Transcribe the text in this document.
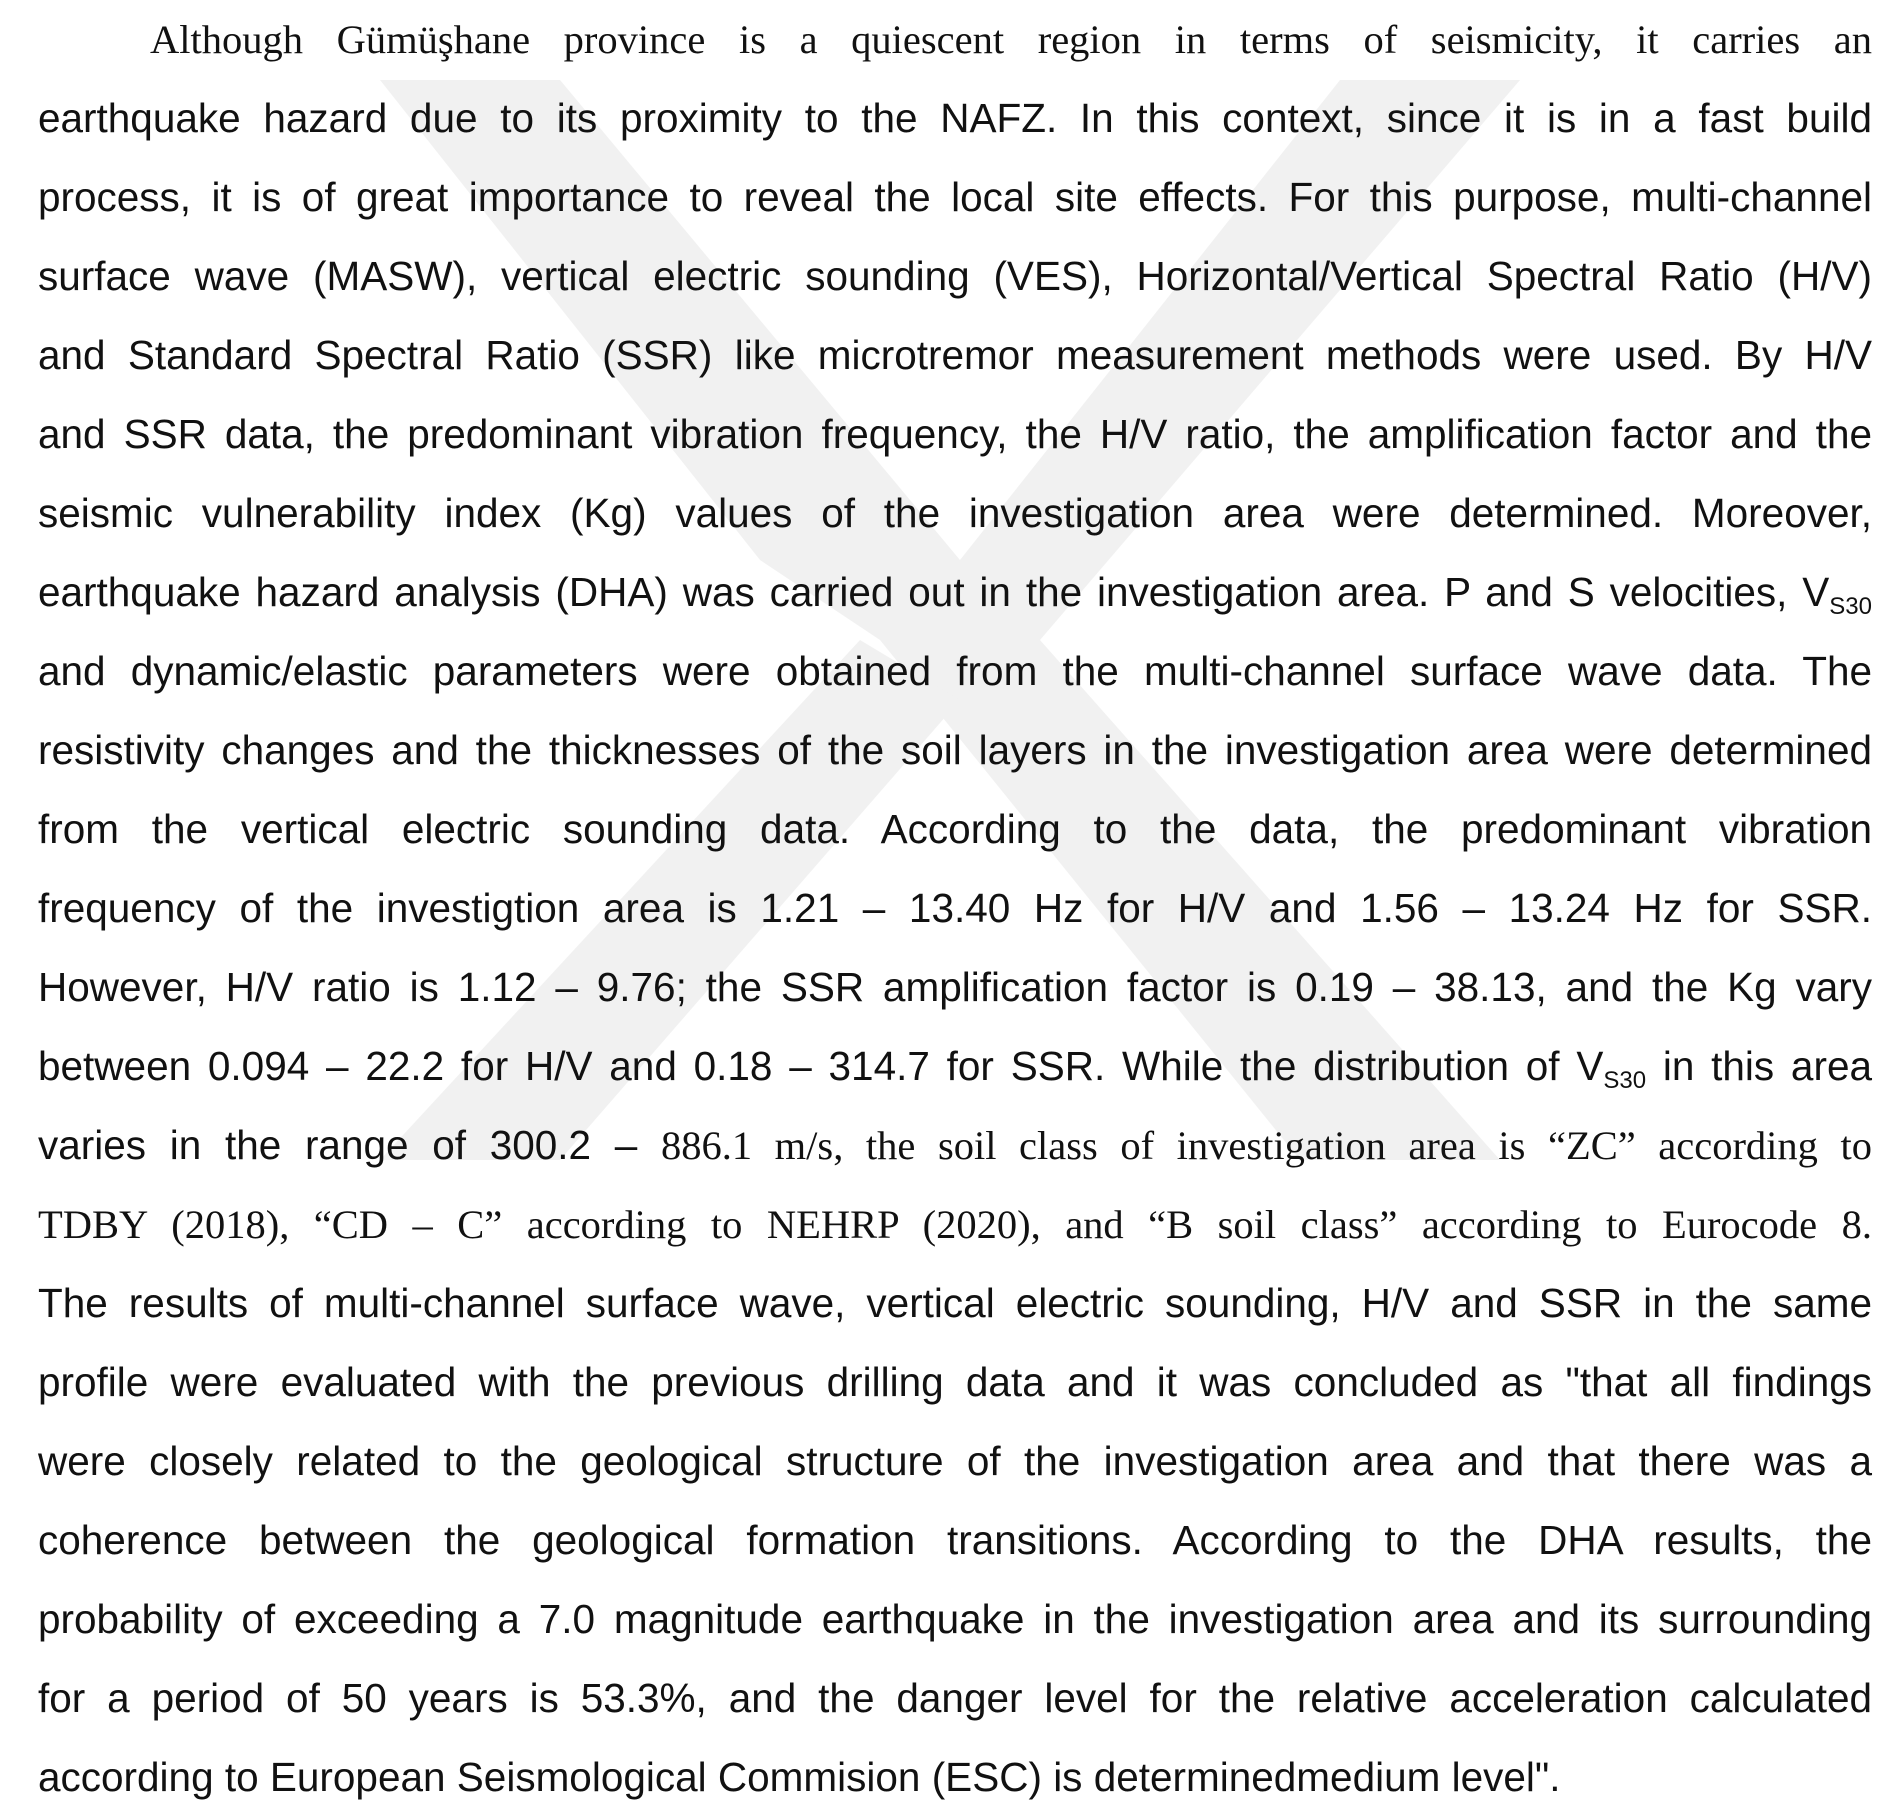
Although Gümüşhane province is a quiescent region in terms of seismicity, it carries an
earthquake hazard due to its proximity to the NAFZ. In this context, since it is in a fast build
process, it is of great importance to reveal the local site effects. For this purpose, multi-channel
surface wave (MASW), vertical electric sounding (VES), Horizontal/Vertical Spectral Ratio (H/V)
and Standard Spectral Ratio (SSR) like microtremor measurement methods were used. By H/V
and SSR data, the predominant vibration frequency, the H/V ratio, the amplification factor and the
seismic vulnerability index (Kg) values of the investigation area were determined. Moreover,
earthquake hazard analysis (DHA) was carried out in the investigation area. P and S velocities, $V_{S30}$
and dynamic/elastic parameters were obtained from the multi-channel surface wave data. The
resistivity changes and the thicknesses of the soil layers in the investigation area were determined
from the vertical electric sounding data. According to the data, the predominant vibration
frequency of the investigtion area is 1.21 – 13.40 Hz for H/V and 1.56 – 13.24 Hz for SSR.
However, H/V ratio is 1.12 – 9.76; the SSR amplification factor is 0.19 – 38.13, and the Kg vary
between 0.094 – 22.2 for H/V and 0.18 – 314.7 for SSR. While the distribution of $V_{S30}$ in this area
varies in the range of 300.2 – 886.1 m/s, the soil class of investigation area is “ZC” according to
TDBY (2018), “CD – C” according to NEHRP (2020), and “B soil class” according to Eurocode 8.
The results of multi-channel surface wave, vertical electric sounding, H/V and SSR in the same
profile were evaluated with the previous drilling data and it was concluded as "that all findings
were closely related to the geological structure of the investigation area and that there was a
coherence between the geological formation transitions. According to the DHA results, the
probability of exceeding a 7.0 magnitude earthquake in the investigation area and its surrounding
for a period of 50 years is 53.3%, and the danger level for the relative acceleration calculated
according to European Seismological Commision (ESC) is determinedmedium level".
